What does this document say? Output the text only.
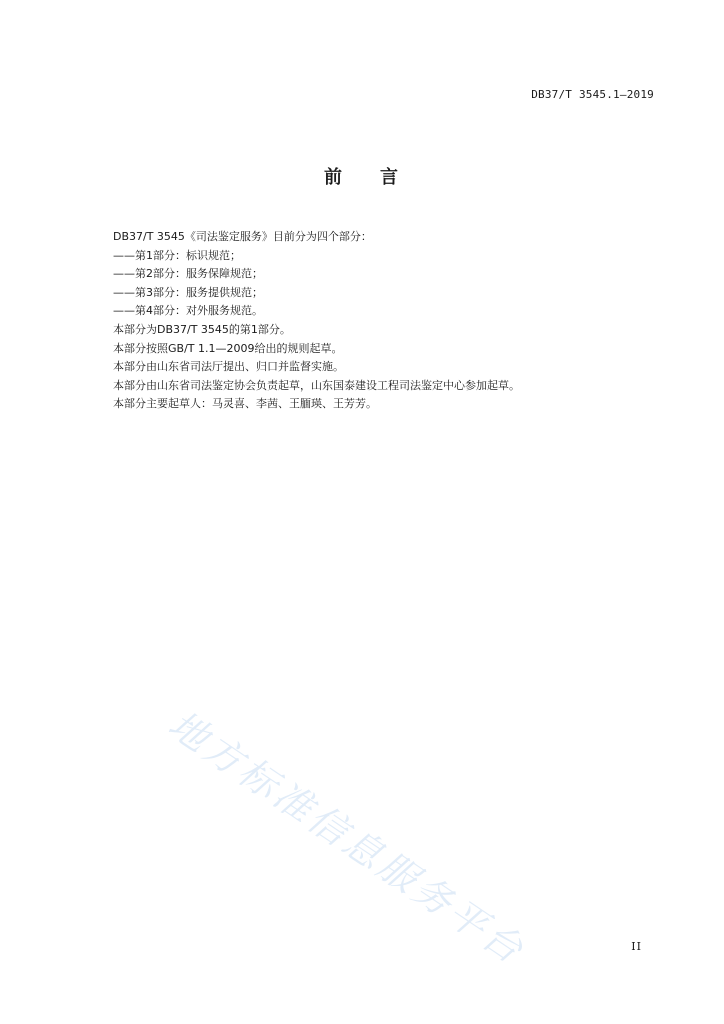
DB37/T 3545.1—2019
前 言
DB37/T 3545《司法鉴定服务》目前分为四个部分：
——第1部分：标识规范；
——第2部分：服务保障规范；
——第3部分：服务提供规范；
——第4部分：对外服务规范。
本部分为DB37/T 3545的第1部分。
本部分按照GB/T 1.1—2009给出的规则起草。
本部分由山东省司法厅提出、归口并监督实施。
本部分由山东省司法鉴定协会负责起草，山东国泰建设工程司法鉴定中心参加起草。
本部分主要起草人：马灵喜、李茜、王腼瑛、王芳芳。
地方标准信息服务平台	II
